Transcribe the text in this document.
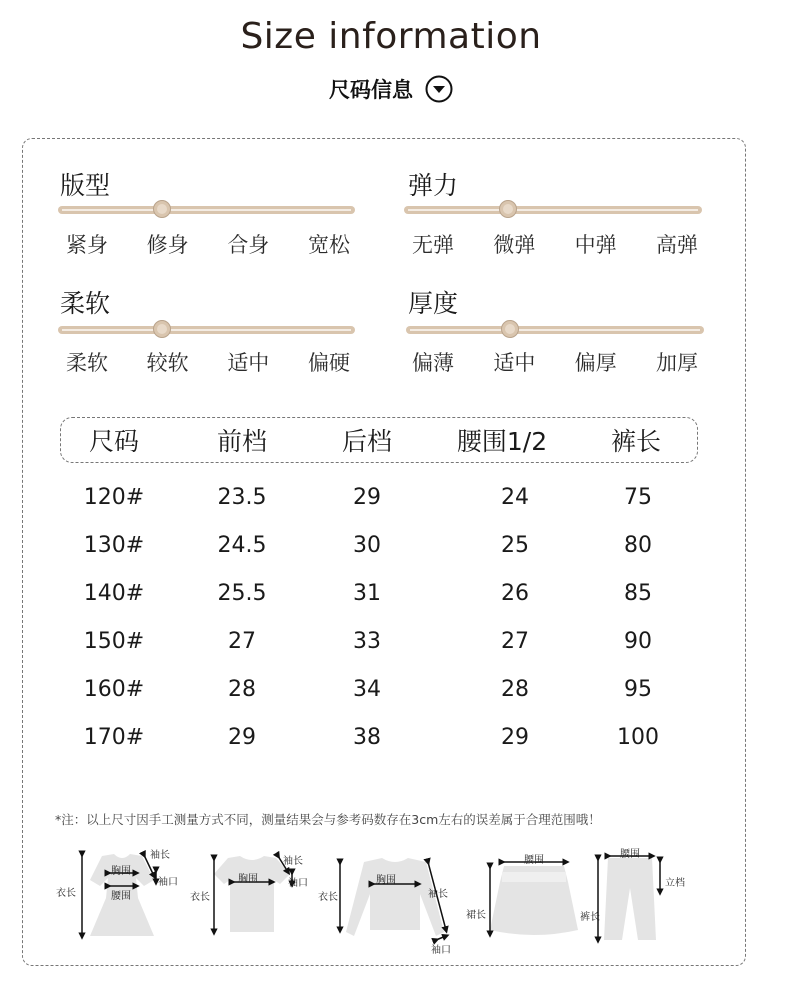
Size information
尺码信息
版型
紧身 修身 合身 宽松
弹力
无弹 微弹 中弹 高弹
柔软
柔软 较软 适中 偏硬
厚度
偏薄 适中 偏厚 加厚
尺码	前档	后档	腰围1/2	裤长
120#	23.5	29	24	75
130#	24.5	30	25	80
140#	25.5	31	26	85
150#	27	33	27	90
160#	28	34	28	95
170#	29	38	29	100
*注：以上尺寸因手工测量方式不同，测量结果会与参考码数存在3cm左右的误差属于合理范围哦！
衣长
胸围
腰围
袖长
袖口
衣长
胸围
袖长
袖口
衣长
胸围
袖长
袖口
腰围
裙长
腰围
立档
裤长
